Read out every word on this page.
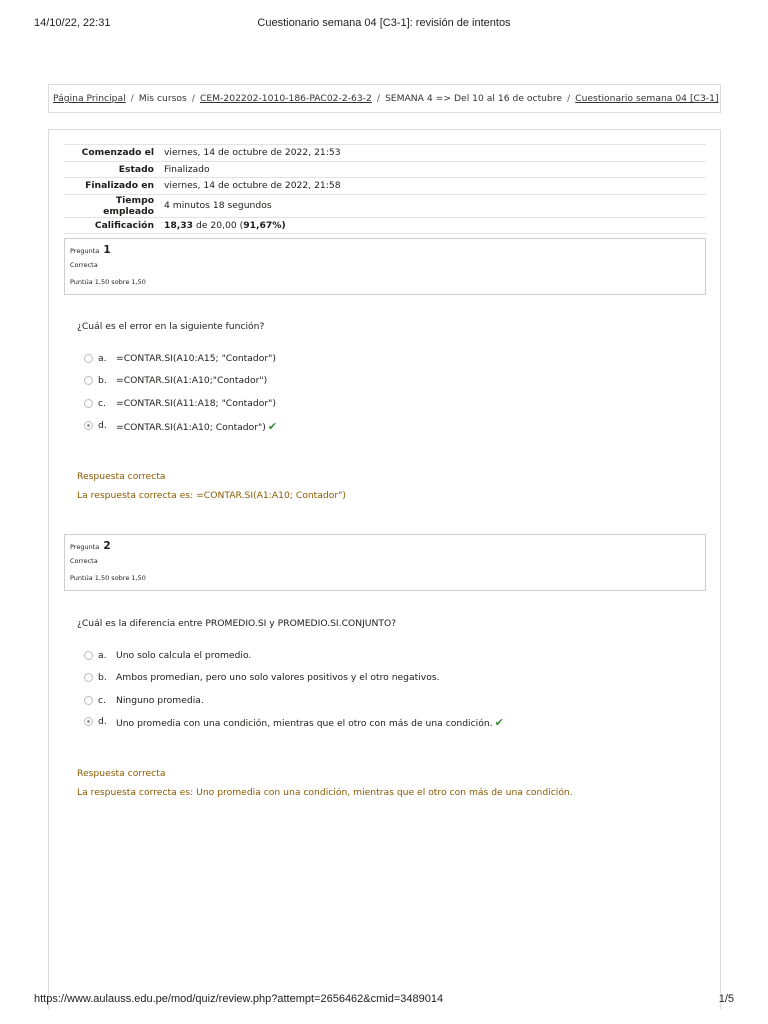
14/10/22, 22:31	Cuestionario semana 04 [C3-1]: revisión de intentos
Página Principal / Mis cursos / CEM-202202-1010-186-PAC02-2-63-2 / SEMANA 4 => Del 10 al 16 de octubre / Cuestionario semana 04 [C3-1]
Comenzado el	viernes, 14 de octubre de 2022, 21:53
Estado	Finalizado
Finalizado en	viernes, 14 de octubre de 2022, 21:58
Tiempo empleado	4 minutos 18 segundos
Calificación	18,33 de 20,00 (91,67%)
Pregunta 1
Correcta
Puntúa 1,50 sobre 1,50
¿Cuál es el error en la siguiente función?
a. =CONTAR.SI(A10:A15; "Contador")
b. =CONTAR.SI(A1:A10;"Contador")
c. =CONTAR.SI(A11:A18; "Contador")
d. =CONTAR.SI(A1:A10; Contador") ✔
Respuesta correcta
La respuesta correcta es: =CONTAR.SI(A1:A10; Contador")
Pregunta 2
Correcta
Puntúa 1,50 sobre 1,50
¿Cuál es la diferencia entre PROMEDIO.SI y PROMEDIO.SI.CONJUNTO?
a. Uno solo calcula el promedio.
b. Ambos promedian, pero uno solo valores positivos y el otro negativos.
c. Ninguno promedia.
d. Uno promedia con una condición, mientras que el otro con más de una condición. ✔
Respuesta correcta
La respuesta correcta es: Uno promedia con una condición, mientras que el otro con más de una condición.
https://www.aulauss.edu.pe/mod/quiz/review.php?attempt=2656462&cmid=3489014	1/5
